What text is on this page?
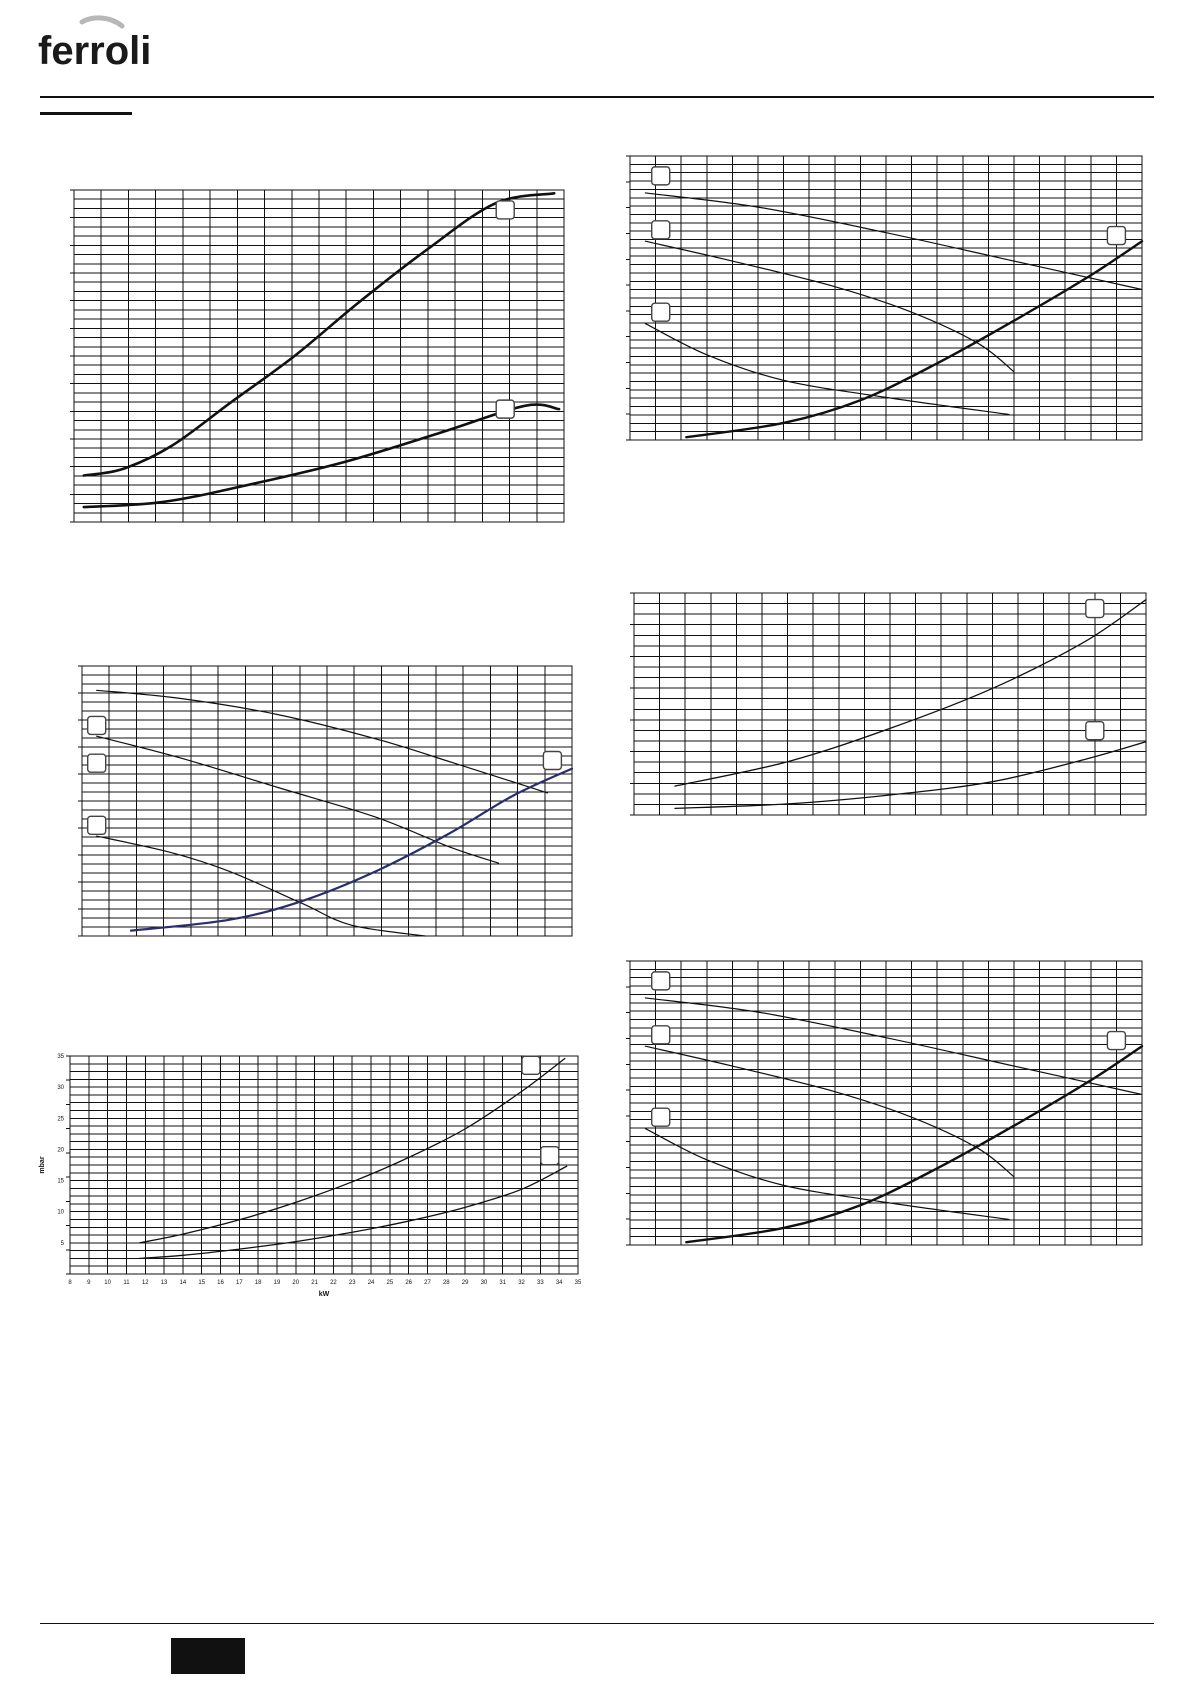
ferroli
8	9 10 11 12 13 14 15 16 17 18 19 20 21 22 23 24 25 26 27 28 29 30 31 32 33 34 35
5
10
15
20
25
30
35
kW
mbar
